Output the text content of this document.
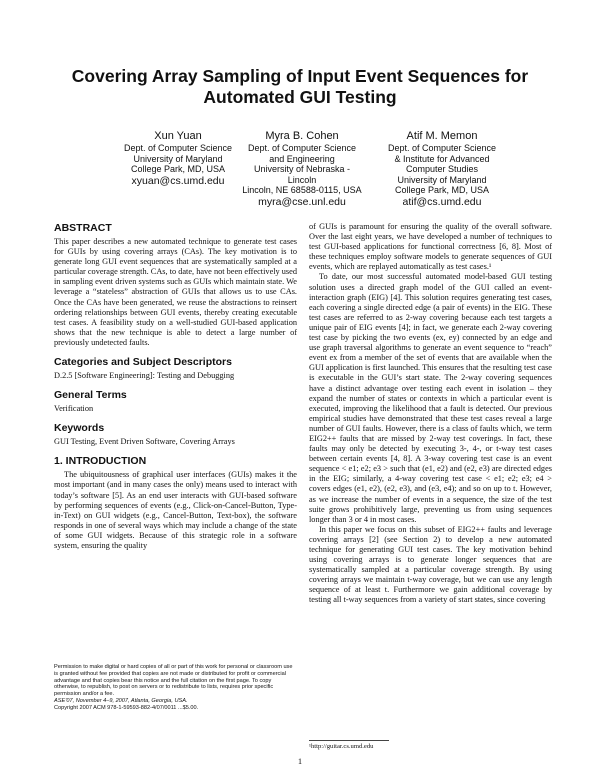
Covering Array Sampling of Input Event Sequences for
Automated GUI Testing
Xun Yuan
Dept. of Computer Science
University of Maryland
College Park, MD, USA
xyuan@cs.umd.edu
Myra B. Cohen
Dept. of Computer Science
and Engineering
University of Nebraska -
Lincoln
Lincoln, NE 68588-0115, USA
myra@cse.unl.edu
Atif M. Memon
Dept. of Computer Science
& Institute for Advanced
Computer Studies
University of Maryland
College Park, MD, USA
atif@cs.umd.edu
ABSTRACT

This paper describes a new automated technique to generate test cases for GUIs by using covering arrays (CAs). The key motivation is to generate long GUI event sequences that are systematically sampled at a particular coverage strength. CAs, to date, have not been effectively used in sampling event driven systems such as GUIs which maintain state. We leverage a “stateless” abstraction of GUIs that allows us to use CAs. Once the CAs have been generated, we reuse the abstractions to reinsert ordering relationships between GUI events, thereby creating executable test cases. A feasibility study on a well-studied GUI-based application shows that the new technique is able to detect a large number of previously undetected faults.

Categories and Subject Descriptors

D.2.5 [Software Engineering]: Testing and Debugging

General Terms

Verification

Keywords

GUI Testing, Event Driven Software, Covering Arrays

1. INTRODUCTION

The ubiquitousness of graphical user interfaces (GUIs) makes it the most important (and in many cases the only) means used to interact with today’s software [5]. As an end user interacts with GUI-based software by performing sequences of events (e.g., Click-on-Cancel-Button, Type-in-Text) on GUI widgets (e.g., Cancel-Button, Text-box), the software responds in one of several ways which may include a change of the state of some GUI widgets. Because of this strategic role in a software system, ensuring the quality

Permission to make digital or hard copies of all or part of this work for personal or classroom use is granted without fee provided that copies are not made or distributed for profit or commercial advantage and that copies bear this notice and the full citation on the first page. To copy otherwise, to republish, to post on servers or to redistribute to lists, requires prior specific permission and/or a fee.
ASE’07, November 4–9, 2007, Atlanta, Georgia, USA.
Copyright 2007 ACM 978-1-59593-882-4/07/0011 ...$5.00.

of GUIs is paramount for ensuring the quality of the overall software. Over the last eight years, we have developed a number of techniques to test GUI-based applications for functional correctness [6, 8]. Most of these techniques employ software models to generate sequences of GUI events, which are replayed automatically as test cases.¹

To date, our most successful automated model-based GUI testing solution uses a directed graph model of the GUI called an event-interaction graph (EIG) [4]. This solution requires generating test cases, each covering a single directed edge (a pair of events) in the EIG. These test cases are referred to as 2-way covering because each test targets a unique pair of EIG events [4]; in fact, we generate each 2-way covering test case by picking the two events (ex, ey) connected by an edge and use graph traversal algorithms to generate an event sequence to “reach” event ex from a member of the set of events that are available when the GUI application is first launched. This ensures that the resulting test case is executable in the GUI’s start state. The 2-way covering sequences have a distinct advantage over testing each event in isolation – they expand the number of states or contexts in which a particular event is executed, improving the likelihood that a fault is detected. Our previous empirical studies have demonstrated that these test cases reveal a large number of GUI faults. However, there is a class of faults which, we term EIG2++ faults that are missed by 2-way test coverings. In fact, these faults may only be detected by executing 3-, 4-, or t-way test cases between certain events [4, 8]. A 3-way covering test case is an event sequence < e1; e2; e3 > such that (e1, e2) and (e2, e3) are directed edges in the EIG; similarly, a 4-way covering test case < e1; e2; e3; e4 > covers edges (e1, e2), (e2, e3), and (e3, e4); and so on up to t. However, as we increase the number of events in a sequence, the size of the test suite grows prohibitively large, preventing us from using sequences longer than 3 or 4 in most cases.

In this paper we focus on this subset of EIG2++ faults and leverage covering arrays [2] (see Section 2) to develop a new automated technique for generating GUI test cases. The key motivation behind using covering arrays is to generate longer sequences that are systematically sampled at a particular coverage strength. By using covering arrays we maintain t-way coverage, but we can use any length sequence of at least t. Furthermore we gain additional coverage by testing all t-way sequences from a variety of start states, since covering

¹http://guitar.cs.umd.edu
1
